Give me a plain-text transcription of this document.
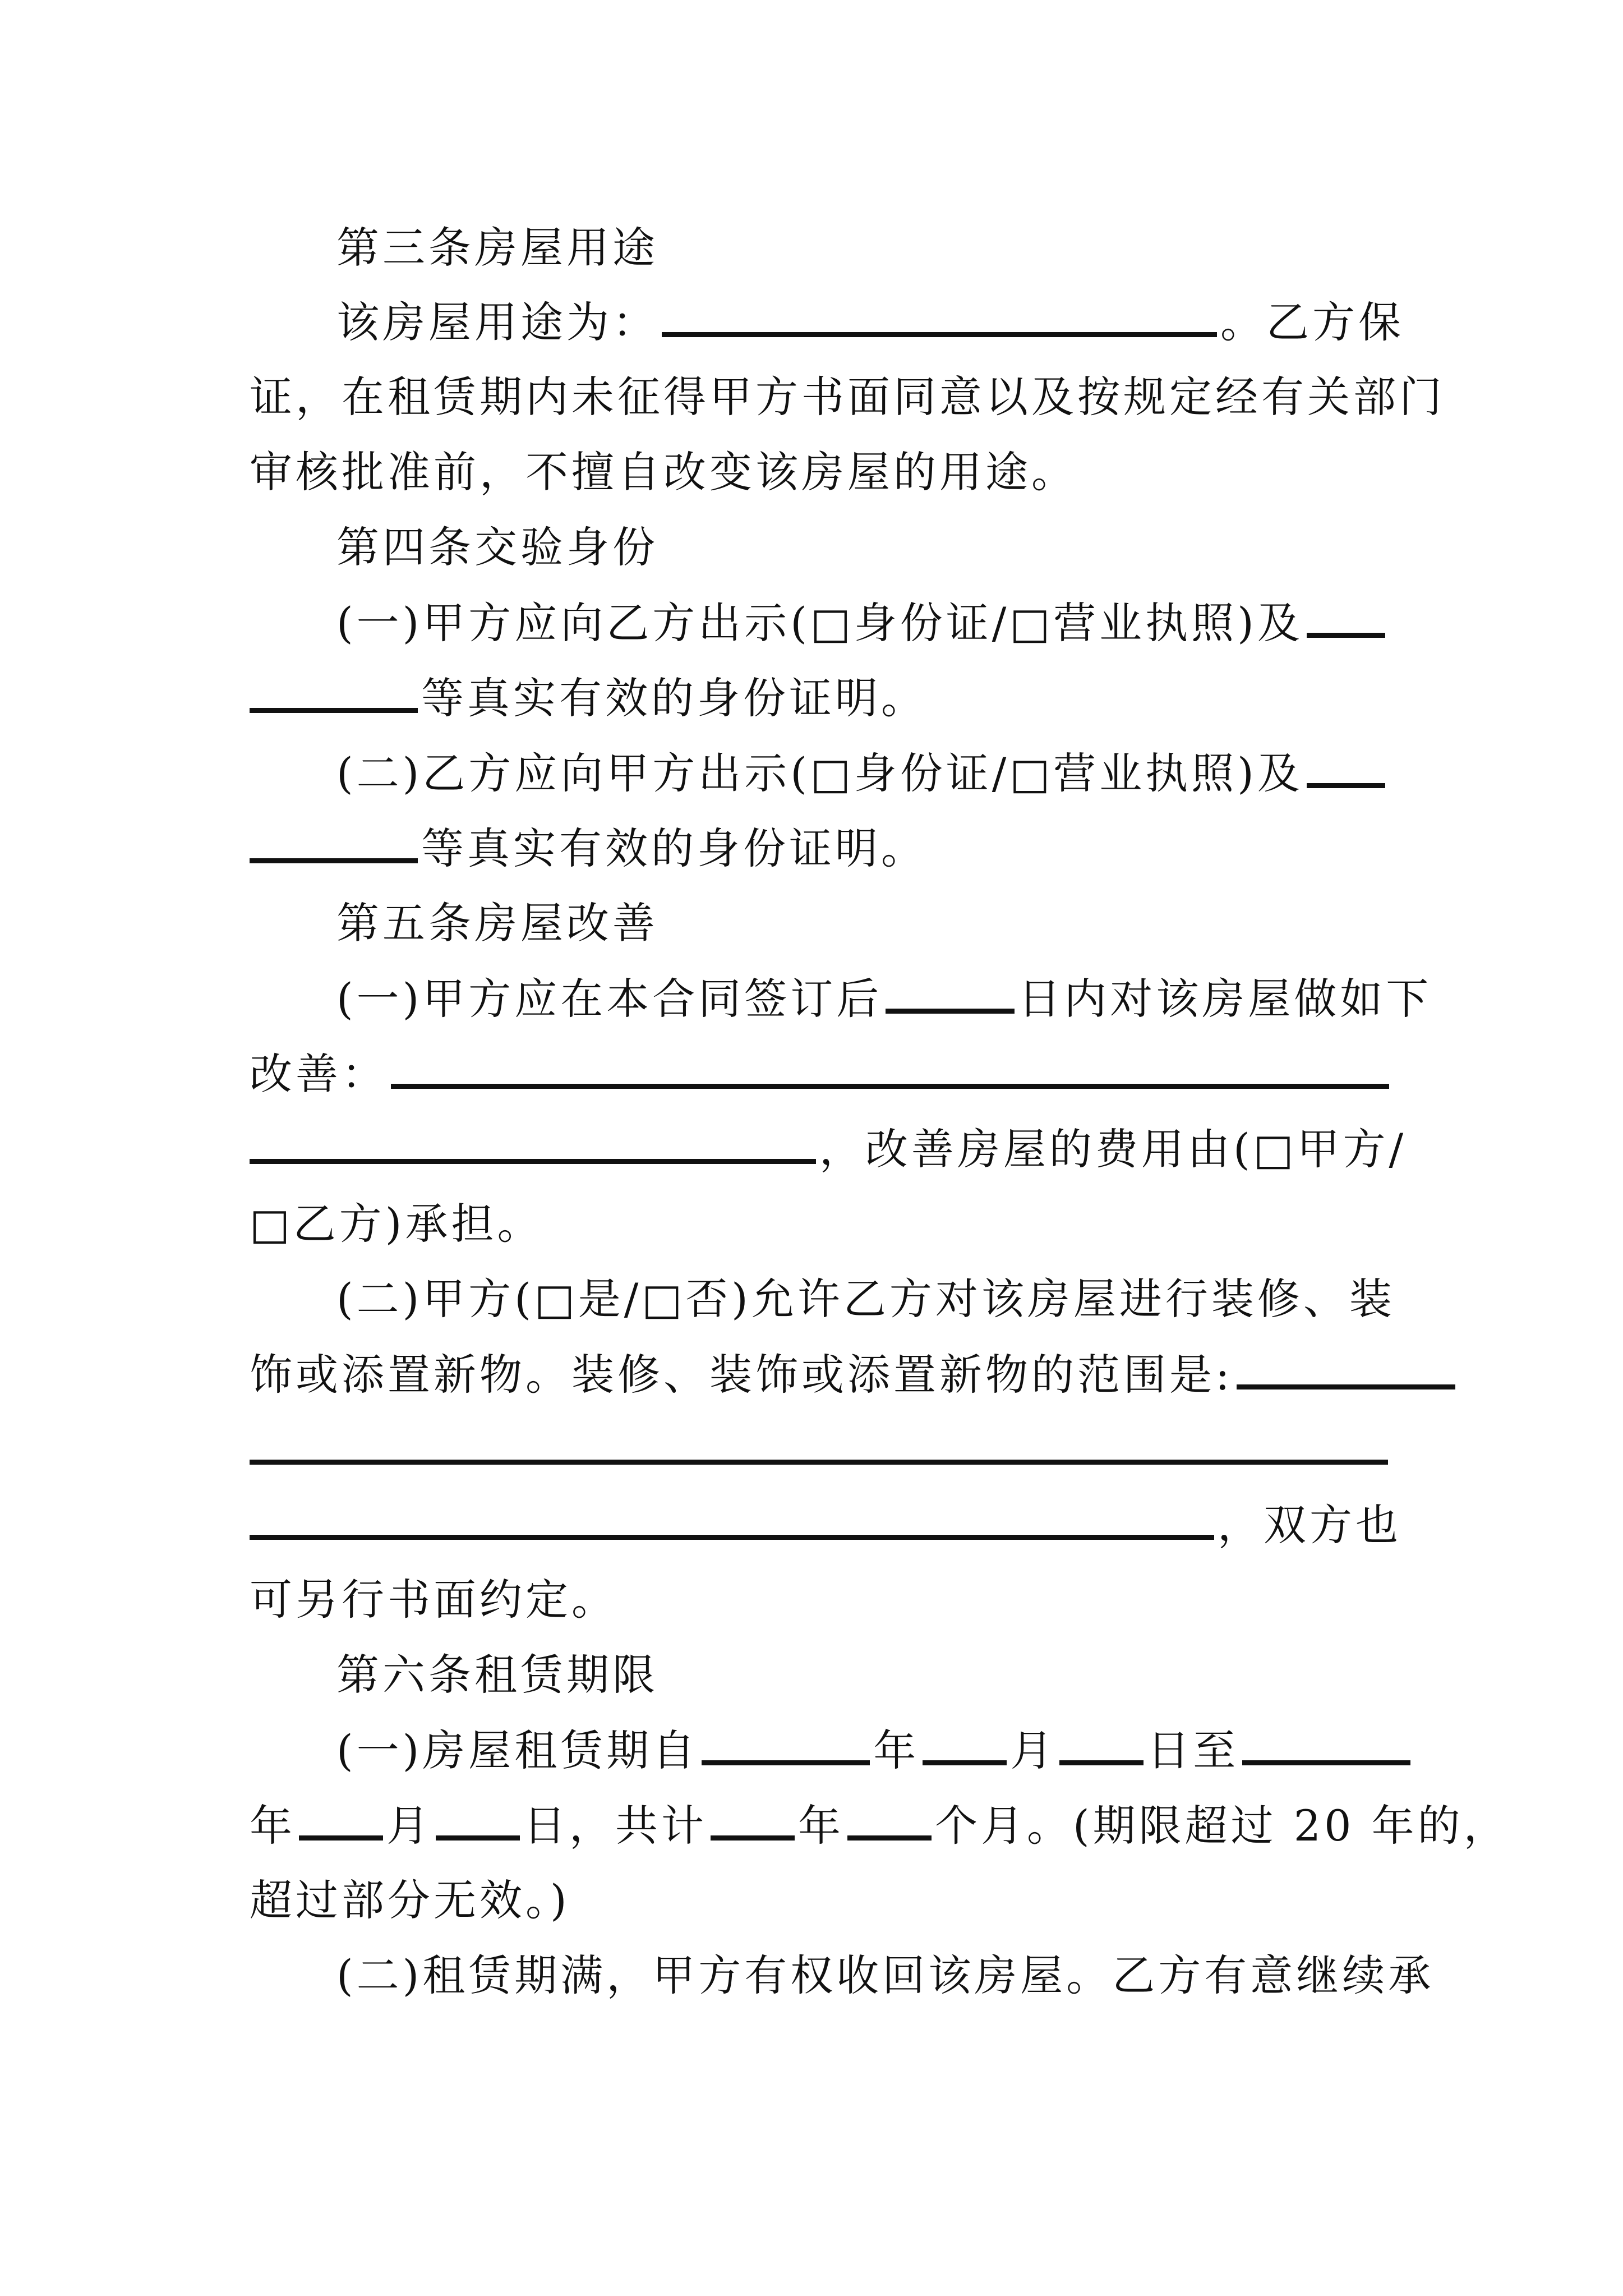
第三条房屋用途
该房屋用途为：	。乙方保
证，在租赁期内未征得甲方书面同意以及按规定经有关部门
审核批准前，不擅自改变该房屋的用途。
第四条交验身份
(一)甲方应向乙方出示(□身份证/□营业执照)及
等真实有效的身份证明。
(二)乙方应向甲方出示(□身份证/□营业执照)及
等真实有效的身份证明。
第五条房屋改善
(一)甲方应在本合同签订后	日内对该房屋做如下
改善：
，改善房屋的费用由(□甲方/
□乙方)承担。
(二)甲方(□是/□否)允许乙方对该房屋进行装修、装
饰或添置新物。装修、装饰或添置新物的范围是:
，双方也
可另行书面约定。
第六条租赁期限
(一)房屋租赁期自	年 月 日至
年 月 日，共计 年 个月。(期限超过 20 年的，
超过部分无效。)
(二)租赁期满，甲方有权收回该房屋。乙方有意继续承
